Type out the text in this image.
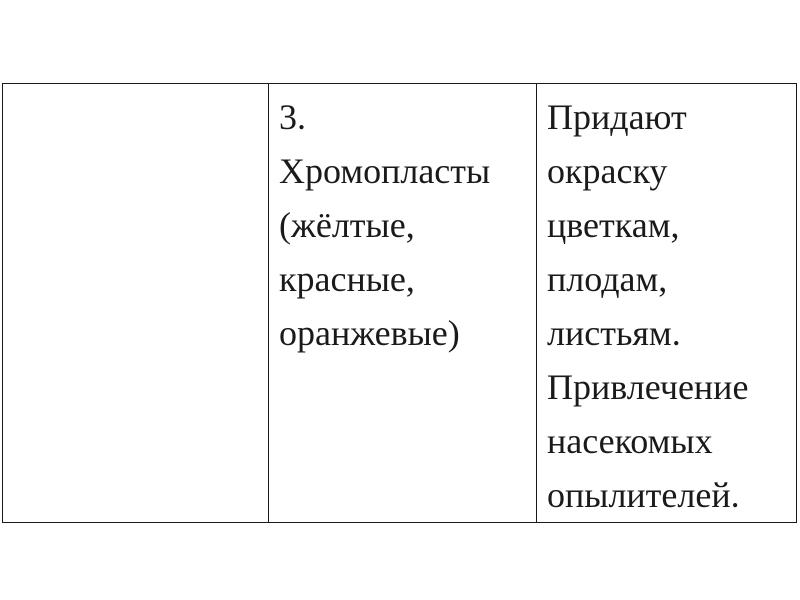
	3.
Хромопласты
(жёлтые,
красные,
оранжевые)	Придают
окраску
цветкам,
плодам,
листьям.
Привлечение
насекомых
опылителей.
